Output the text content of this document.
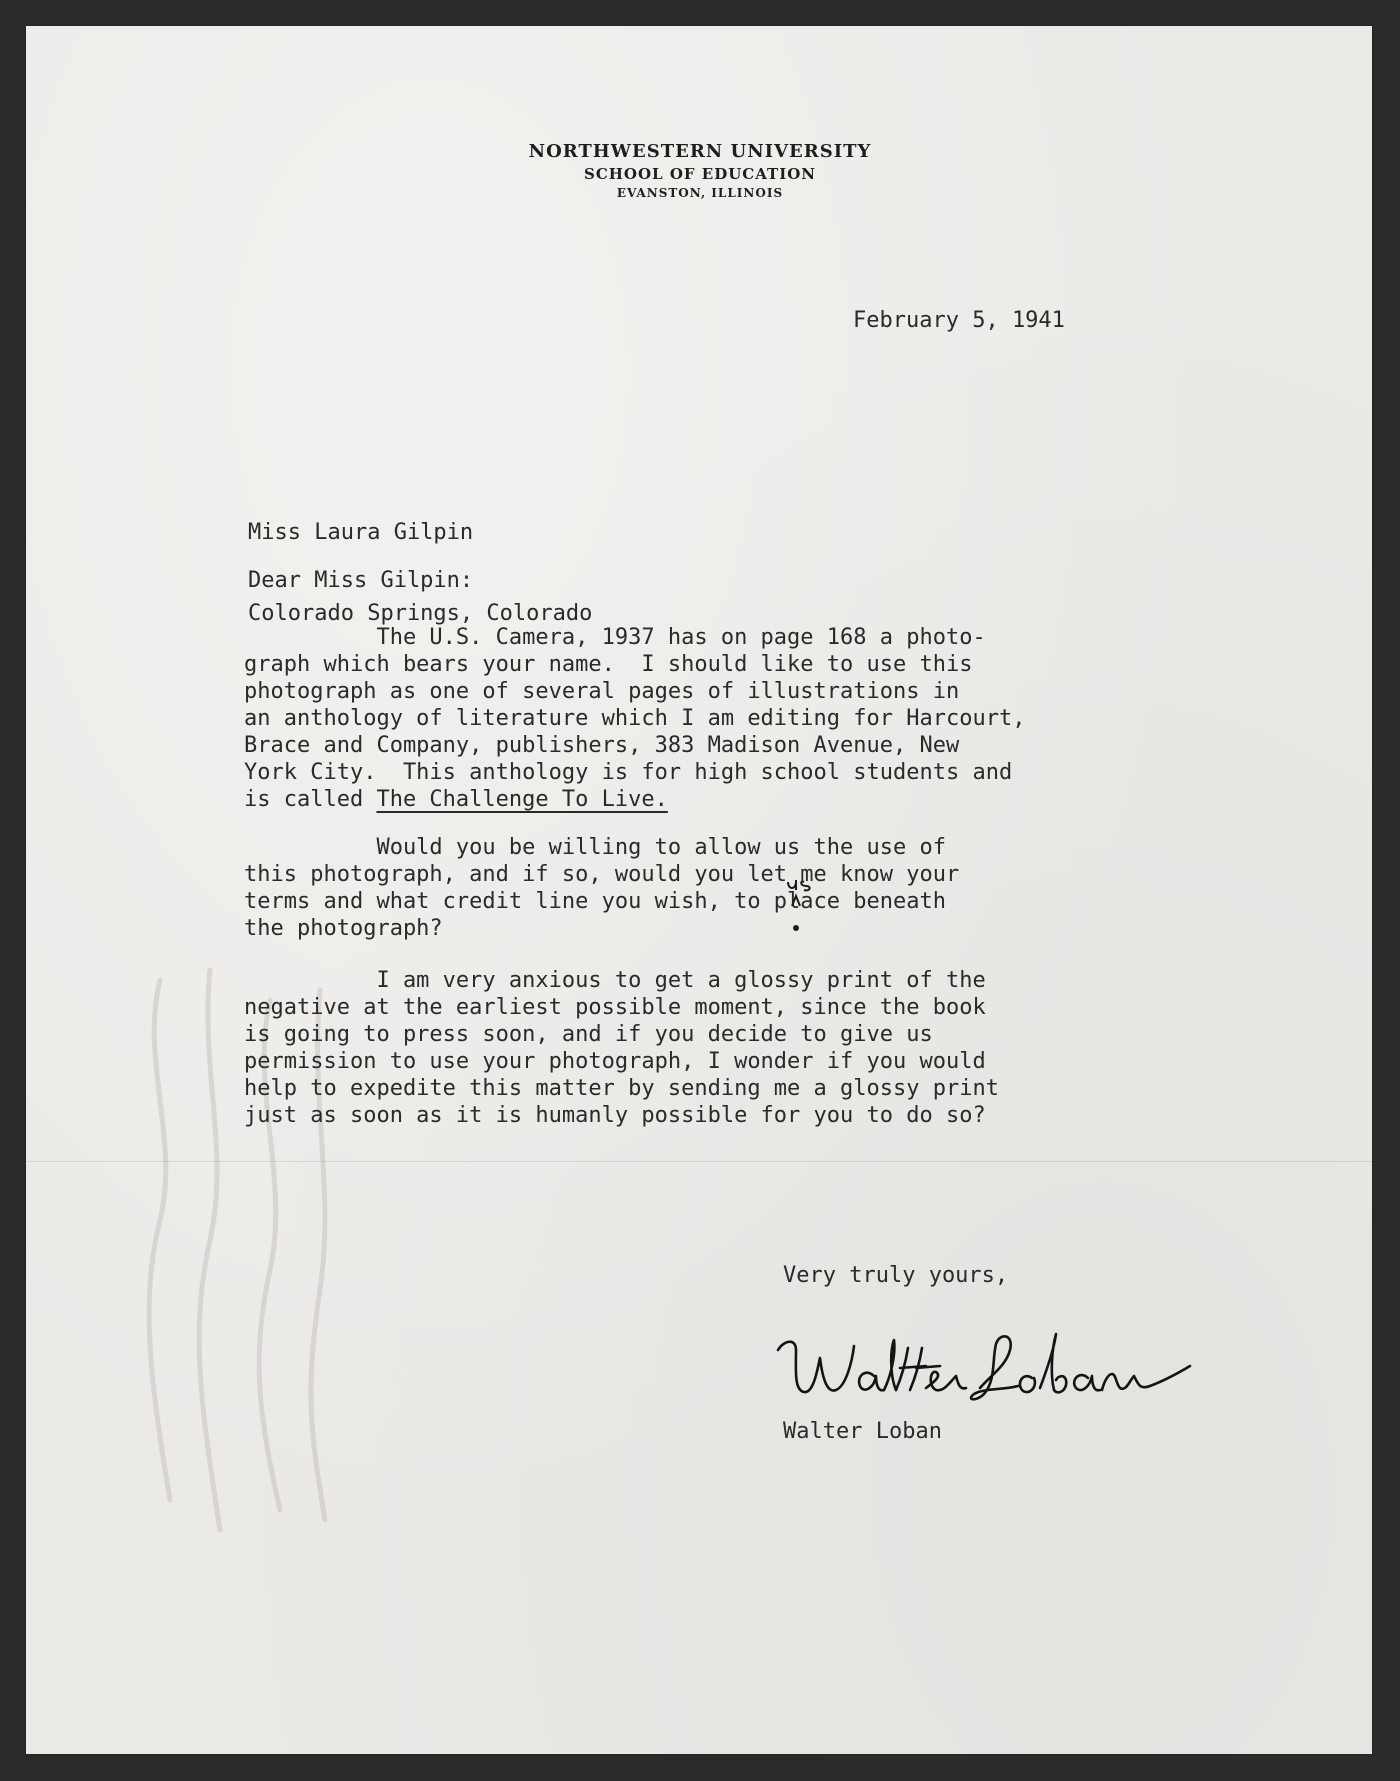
NORTHWESTERN UNIVERSITY
SCHOOL OF EDUCATION
EVANSTON, ILLINOIS
February 5, 1941

Miss Laura Gilpin

Colorado Springs, Colorado

Dear Miss Gilpin:
The U.S. Camera, 1937 has on page 168 a photo-
graph which bears your name.  I should like to use this
photograph as one of several pages of illustrations in
an anthology of literature which I am editing for Harcourt,
Brace and Company, publishers, 383 Madison Avenue, New
York City.  This anthology is for high school students and
is called The Challenge To Live.
Would you be willing to allow us the use of
this photograph, and if so, would you let me know your
terms and what credit line you wish, to place beneath
the photograph?
I am very anxious to get a glossy print of the
negative at the earliest possible moment, since the book
is going to press soon, and if you decide to give us
permission to use your photograph, I wonder if you would
help to expedite this matter by sending me a glossy print
just as soon as it is humanly possible for you to do so?
Very truly yours,
Walter Loban
